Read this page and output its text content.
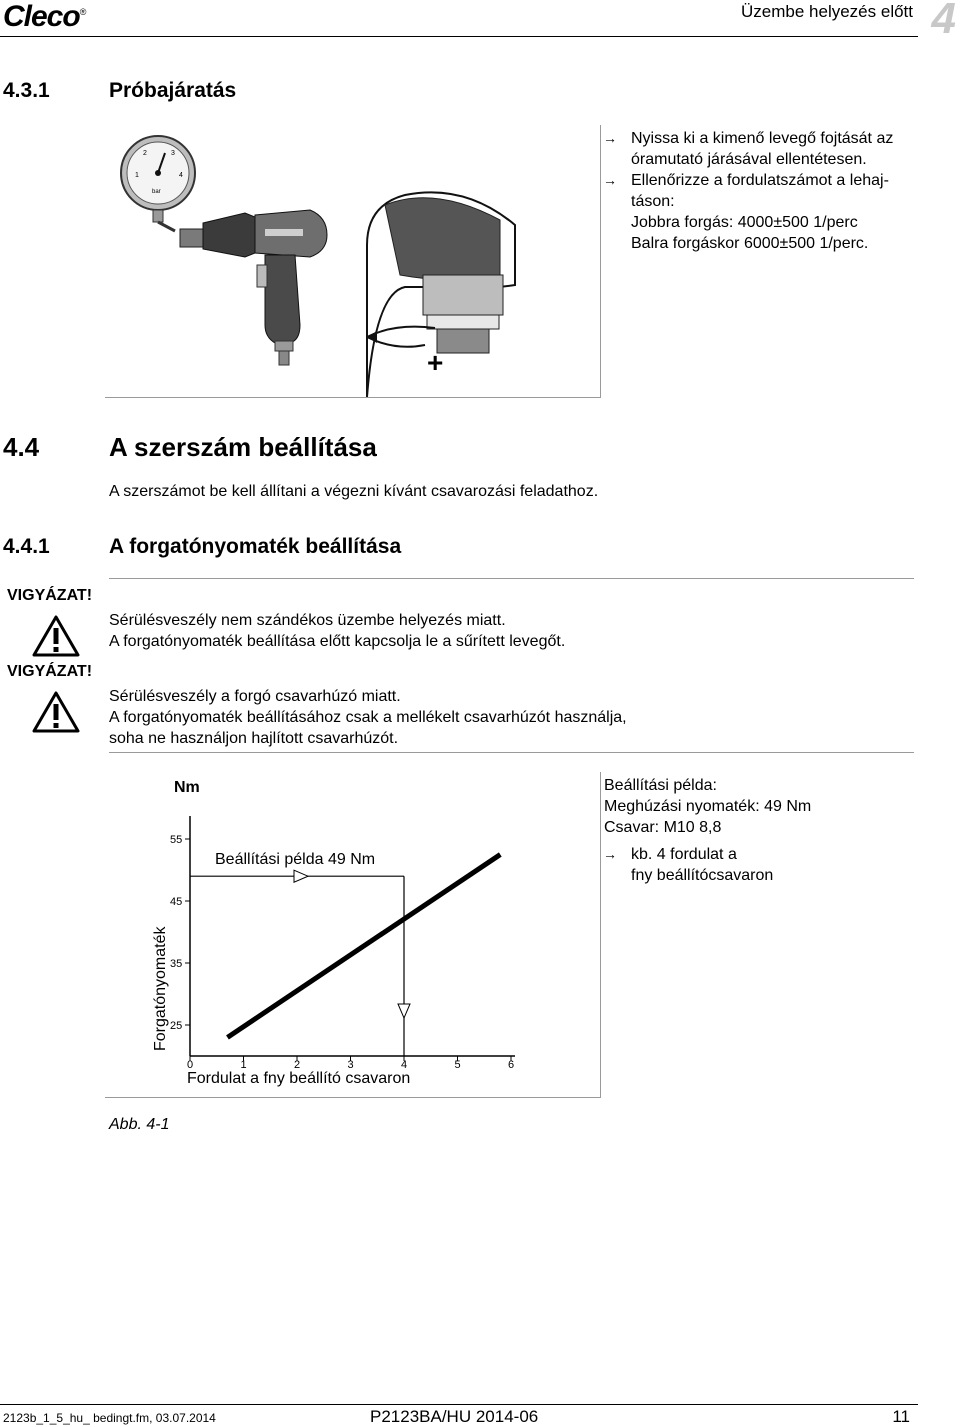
Cleco®	Üzembe helyezés előtt 4
4.3.1	Próbajáratás
1
2	3
4
bar
+
→ Nyissa ki a kimenő levegő fojtását az óramutató járásával ellentétesen.
→ Ellenőrizze a fordulatszámot a lehaj-
táson:
Jobbra forgás: 4000±500 1/perc
Balra forgáskor 6000±500 1/perc.
4.4	A szerszám beállítása
A szerszámot be kell állítani a végezni kívánt csavarozási feladathoz.
4.4.1	A forgatónyomaték beállítása
VIGYÁZAT!
Sérülésveszély nem szándékos üzembe helyezés miatt.
A forgatónyomaték beállítása előtt kapcsolja le a sűrített levegőt.
VIGYÁZAT!
Sérülésveszély a forgó csavarhúzó miatt.
A forgatónyomaték beállításához csak a mellékelt csavarhúzót használja,
soha ne használjon hajlított csavarhúzót.
Nm
25
35
45
55
0	1	2	3	4	5	6
Forgatónyomaték
Fordulat a fny beállító csavaron
Beállítási példa 49 Nm
Beállítási példa:
Meghúzási nyomaték: 49 Nm
Csavar: M10 8,8
→ kb. 4 fordulat a
fny beállítócsavaron
Abb. 4-1
2123b_1_5_hu_ bedingt.fm, 03.07.2014	P2123BA/HU 2014-06	11
